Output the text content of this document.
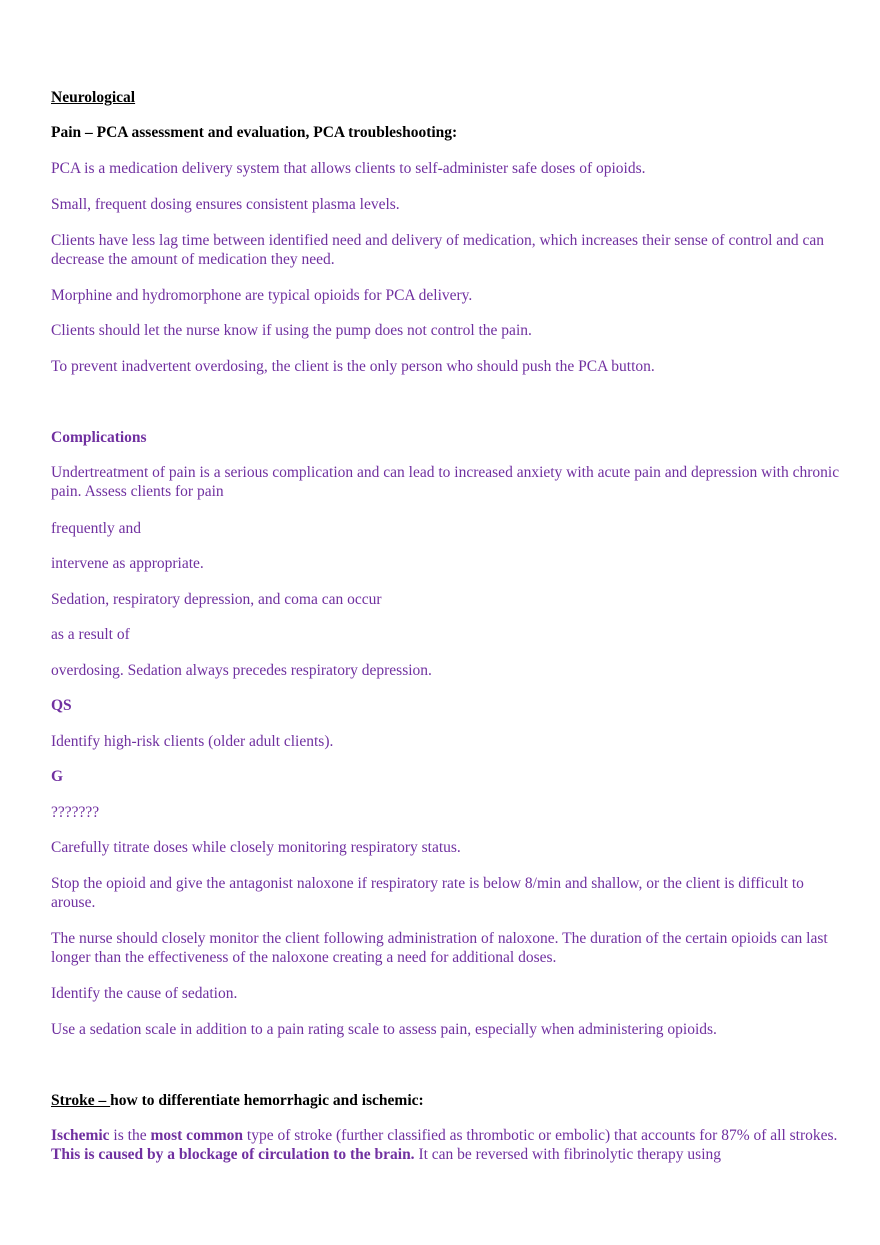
Neurological

Pain – PCA assessment and evaluation, PCA troubleshooting:

PCA is a medication delivery system that allows clients to self-administer safe doses of opioids.

Small, frequent dosing ensures consistent plasma levels.

Clients have less lag time between identified need and delivery of medication, which increases their sense of control and can decrease the amount of medication they need.

Morphine and hydromorphone are typical opioids for PCA delivery.

Clients should let the nurse know if using the pump does not control the pain.

To prevent inadvertent overdosing, the client is the only person who should push the PCA button.

Complications

Undertreatment of pain is a serious complication and can lead to increased anxiety with acute pain and depression with chronic pain. Assess clients for pain

frequently and

intervene as appropriate.

Sedation, respiratory depression, and coma can occur

as a result of

overdosing. Sedation always precedes respiratory depression.

QS

Identify high-risk clients (older adult clients).

G

???????

Carefully titrate doses while closely monitoring respiratory status.

Stop the opioid and give the antagonist naloxone if respiratory rate is below 8/min and shallow, or the client is difficult to arouse.

The nurse should closely monitor the client following administration of naloxone. The duration of the certain opioids can last longer than the effectiveness of the naloxone creating a need for additional doses.

Identify the cause of sedation.

Use a sedation scale in addition to a pain rating scale to assess pain, especially when administering opioids.

Stroke – how to differentiate hemorrhagic and ischemic:

Ischemic is the most common type of stroke (further classified as thrombotic or embolic) that accounts for 87% of all strokes. This is caused by a blockage of circulation to the brain. It can be reversed with fibrinolytic therapy using
